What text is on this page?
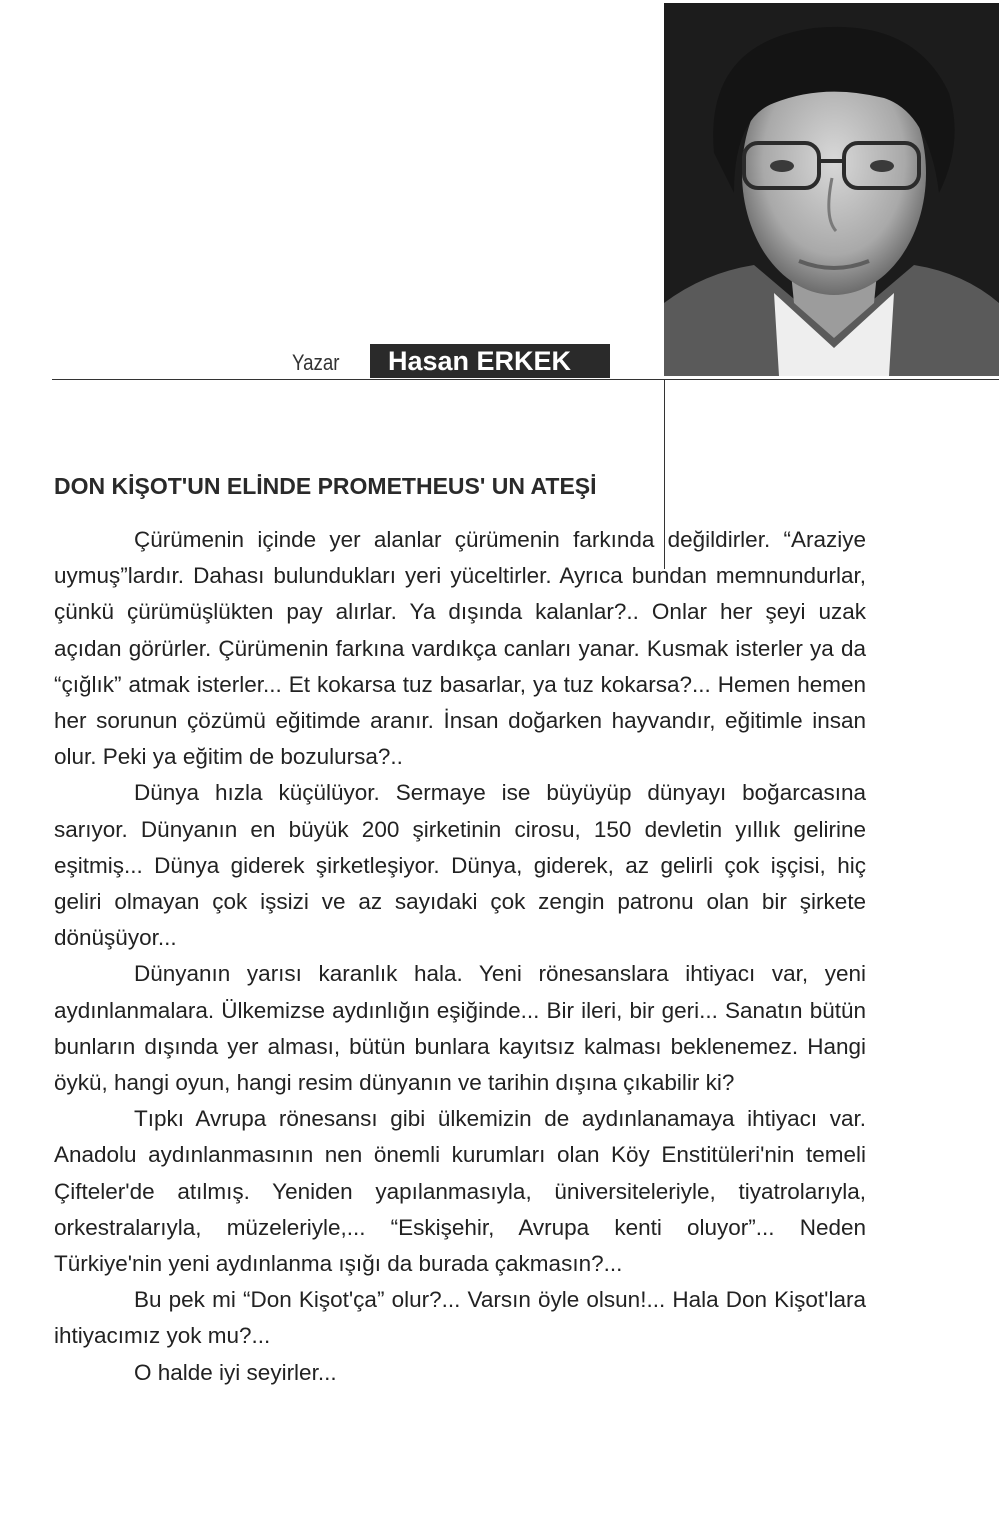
Yazar Hasan ERKEK
DON KİŞOT'UN ELİNDE PROMETHEUS' UN ATEŞİ

Çürümenin içinde yer alanlar çürümenin farkında değildirler. “Araziye uymuş”lardır. Dahası bulundukları yeri yüceltirler. Ayrıca bundan memnundurlar, çünkü çürümüşlükten pay alırlar. Ya dışında kalanlar?.. Onlar her şeyi uzak açıdan görürler. Çürümenin farkına vardıkça canları yanar. Kusmak isterler ya da “çığlık” atmak isterler... Et kokarsa tuz basarlar, ya tuz kokarsa?... Hemen hemen her sorunun çözümü eğitimde aranır. İnsan doğarken hayvandır, eğitimle insan olur. Peki ya eğitim de bozulursa?..

Dünya hızla küçülüyor. Sermaye ise büyüyüp dünyayı boğarcasına sarıyor. Dünyanın en büyük 200 şirketinin cirosu, 150 devletin yıllık gelirine eşitmiş... Dünya giderek şirketleşiyor. Dünya, giderek, az gelirli çok işçisi, hiç geliri olmayan çok işsizi ve az sayıdaki çok zengin patronu olan bir şirkete dönüşüyor...

Dünyanın yarısı karanlık hala. Yeni rönesanslara ihtiyacı var, yeni aydınlanmalara. Ülkemizse aydınlığın eşiğinde... Bir ileri, bir geri... Sanatın bütün bunların dışında yer alması, bütün bunlara kayıtsız kalması beklenemez. Hangi öykü, hangi oyun, hangi resim dünyanın ve tarihin dışına çıkabilir ki?

Tıpkı Avrupa rönesansı gibi ülkemizin de aydınlanamaya ihtiyacı var. Anadolu aydınlanmasının nen önemli kurumları olan Köy Enstitüleri'nin temeli Çifteler'de atılmış. Yeniden yapılanmasıyla, üniversiteleriyle, tiyatrolarıyla, orkestralarıyla, müzeleriyle,... “Eskişehir, Avrupa kenti oluyor”... Neden Türkiye'nin yeni aydınlanma ışığı da burada çakmasın?...

Bu pek mi “Don Kişot'ça” olur?... Varsın öyle olsun!... Hala Don Kişot'lara ihtiyacımız yok mu?...

O halde iyi seyirler...
